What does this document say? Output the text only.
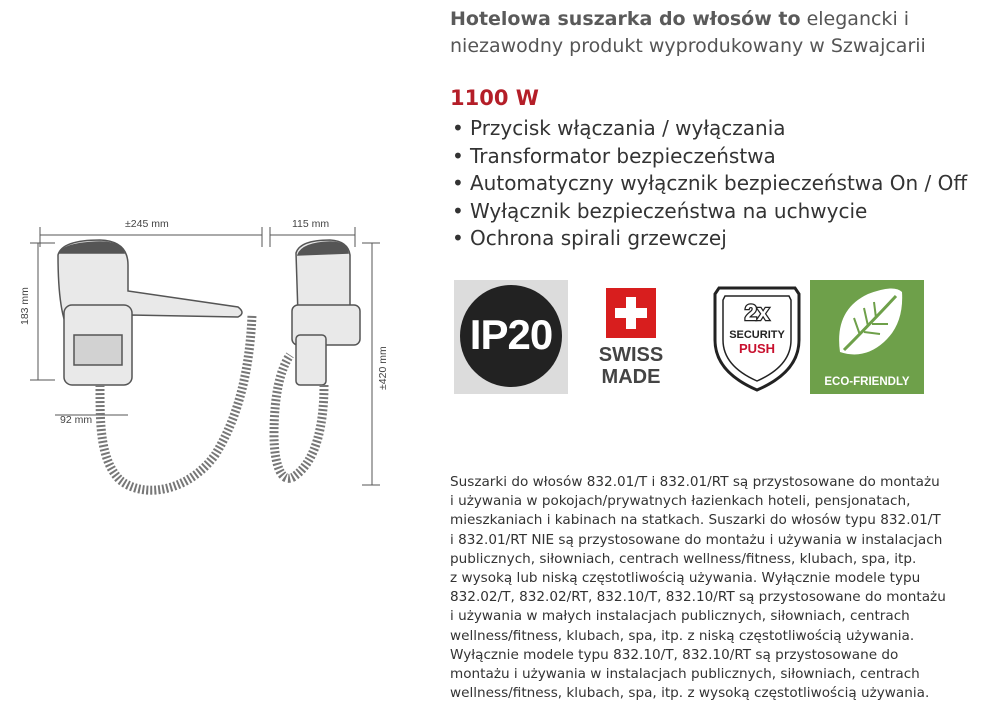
±245 mm	115 mm
183 mm
±420 mm
92 mm
Hotelowa suszarka do włosów to elegancki i niezawodny produkt wyprodukowany w Szwajcarii
1100 W
• Przycisk włączania / wyłączania
• Transformator bezpieczeństwa
• Automatyczny wyłącznik bezpieczeństwa On / Off
• Wyłącznik bezpieczeństwa na uchwycie
• Ochrona spirali grzewczej
IP20	SWISS
MADE
2x
SECURITY
PUSH
ECO-FRIENDLY

Suszarki do włosów 832.01/T i 832.01/RT są przystosowane do montażu
i używania w pokojach/prywatnych łazienkach hoteli, pensjonatach,
mieszkaniach i kabinach na statkach. Suszarki do włosów typu 832.01/T
i 832.01/RT NIE są przystosowane do montażu i używania w instalacjach
publicznych, siłowniach, centrach wellness/fitness, klubach, spa, itp.
z wysoką lub niską częstotliwością używania. Wyłącznie modele typu
832.02/T, 832.02/RT, 832.10/T, 832.10/RT są przystosowane do montażu
i używania w małych instalacjach publicznych, siłowniach, centrach
wellness/fitness, klubach, spa, itp. z niską częstotliwością używania.
Wyłącznie modele typu 832.10/T, 832.10/RT są przystosowane do
montażu i używania w instalacjach publicznych, siłowniach, centrach
wellness/fitness, klubach, spa, itp. z wysoką częstotliwością używania.
